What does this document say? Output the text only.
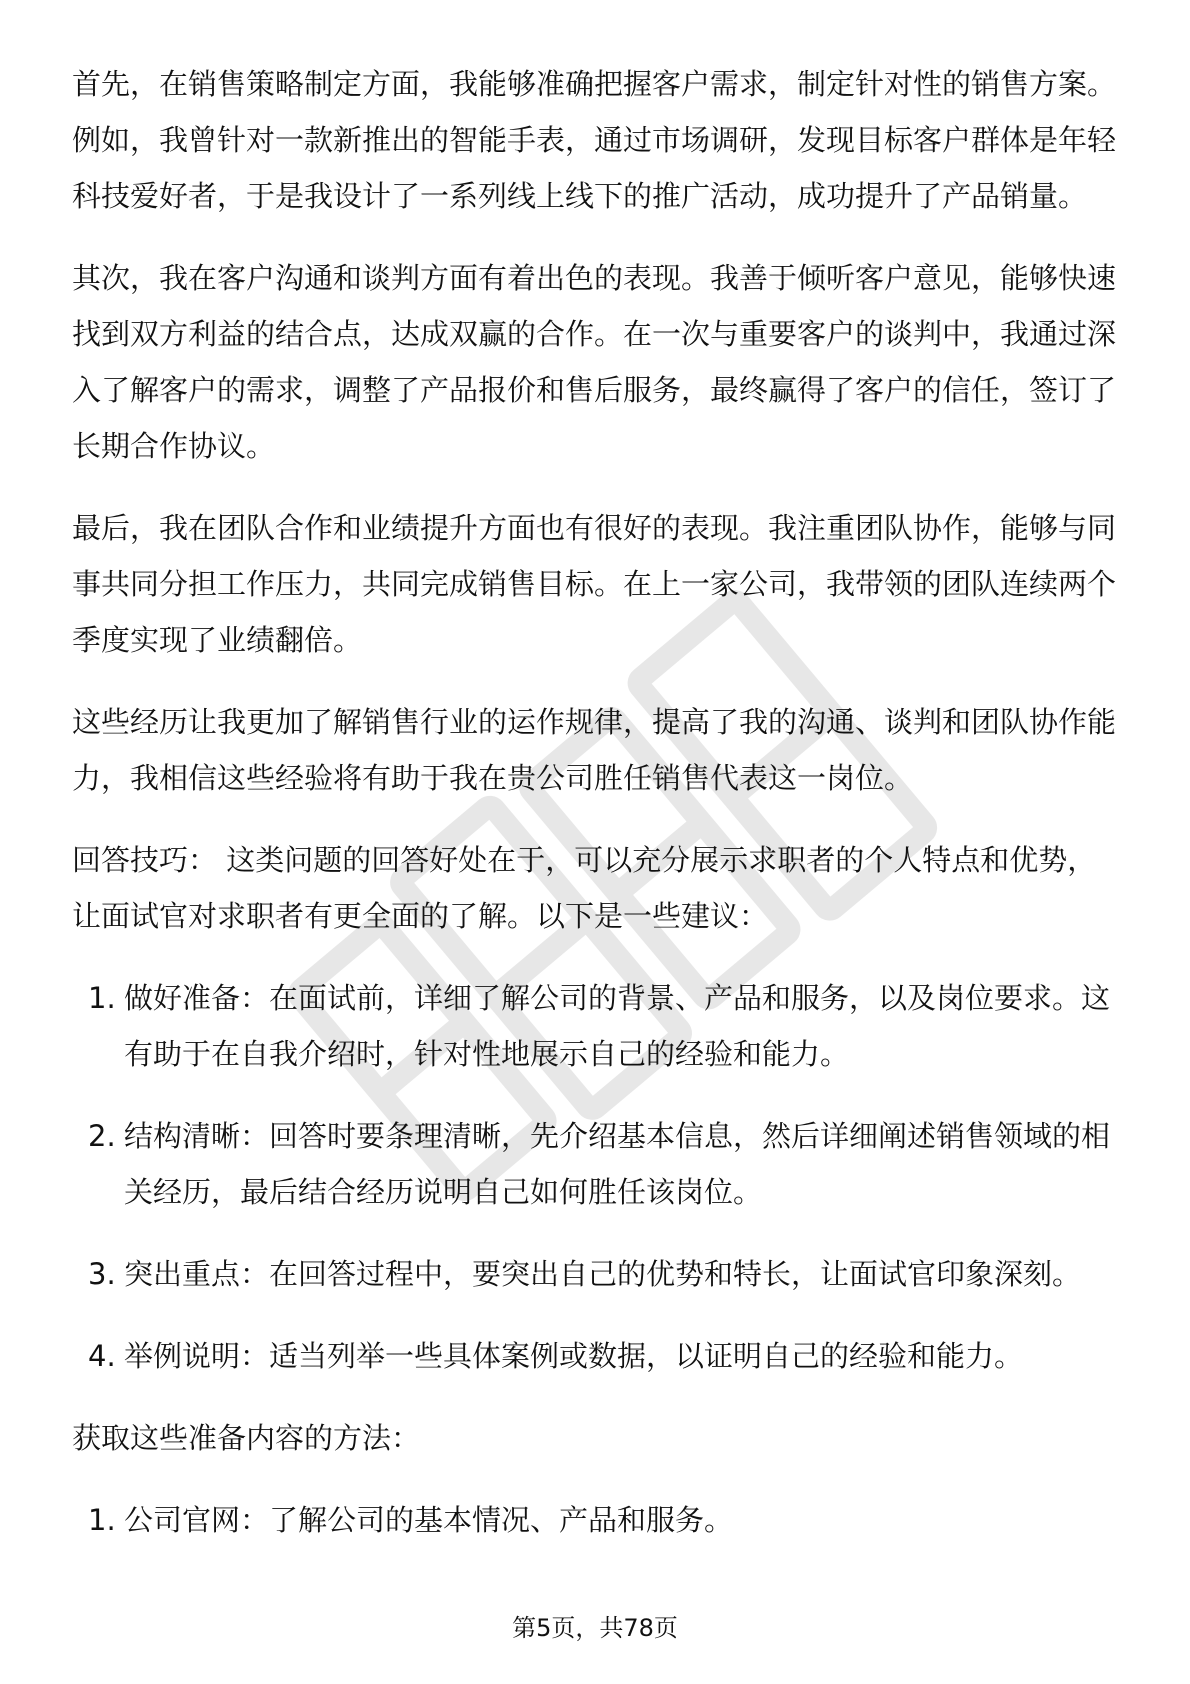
首先，在销售策略制定方面，我能够准确把握客户需求，制定针对性的销售方案。例如，我曾针对一款新推出的智能手表，通过市场调研，发现目标客户群体是年轻科技爱好者，于是我设计了一系列线上线下的推广活动，成功提升了产品销量。

其次，我在客户沟通和谈判方面有着出色的表现。我善于倾听客户意见，能够快速找到双方利益的结合点，达成双赢的合作。在一次与重要客户的谈判中，我通过深入了解客户的需求，调整了产品报价和售后服务，最终赢得了客户的信任，签订了长期合作协议。

最后，我在团队合作和业绩提升方面也有很好的表现。我注重团队协作，能够与同事共同分担工作压力，共同完成销售目标。在上一家公司，我带领的团队连续两个季度实现了业绩翻倍。

这些经历让我更加了解销售行业的运作规律，提高了我的沟通、谈判和团队协作能力，我相信这些经验将有助于我在贵公司胜任销售代表这一岗位。

回答技巧： 这类问题的回答好处在于，可以充分展示求职者的个人特点和优势，让面试官对求职者有更全面的了解。以下是一些建议：

1. 做好准备：在面试前，详细了解公司的背景、产品和服务，以及岗位要求。这有助于在自我介绍时，针对性地展示自己的经验和能力。
2. 结构清晰：回答时要条理清晰，先介绍基本信息，然后详细阐述销售领域的相关经历，最后结合经历说明自己如何胜任该岗位。
3. 突出重点：在回答过程中，要突出自己的优势和特长，让面试官印象深刻。
4. 举例说明：适当列举一些具体案例或数据，以证明自己的经验和能力。

获取这些准备内容的方法：

1. 公司官网：了解公司的基本情况、产品和服务。
第5页，共78页
